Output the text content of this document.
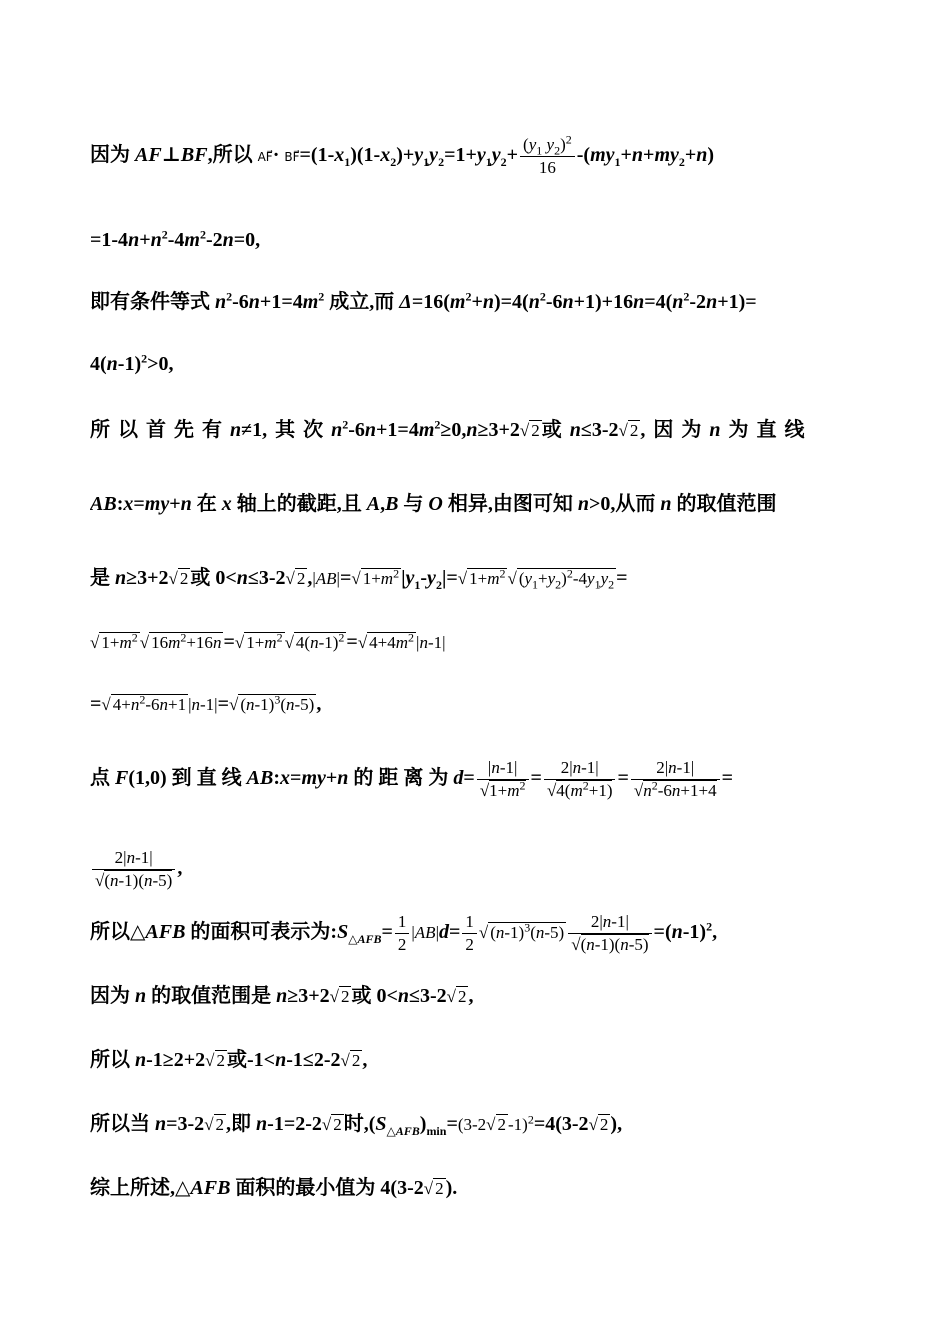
因为 AF⊥BF,所以 AF⃗· $BF⃗=(1-x_1)(1-x_2)+y_1y_2=1+y_1y_2+ \frac{(y_1 y_2)^2}{16} -(my_1+n+my_2+n)$
$=1-4n+n^2-4m^2-2n=0$,
即有条件等式 $n^2-6n+1=4m^2$ 成立,而 $\Delta=16(m^2+n)=4(n^2-6n+1)+16n=4(n^2-2n+1)=$
$4(n-1)^2>0$,
所 以 首 先 有 n≠1, 其 次 $n^2-6n+1=4m^2\ge 0,n\ge 3+2√$ 2 或 n≤3-2√ 2 , 因 为 n 为 直 线
AB:x=my+n 在 x 轴上的截距,且 A,B 与 O 相异,由图可知 n>0,从而 n 的取值范围
是 n≥3+2√ 2 或 0<n≤3-2√ 2 ,|AB|=√ $1+m^2$ $|y_1-y_2|=√$ $1+m^2$ √ $(y_1+y_2)^2-4y_1y_2$ =
√ $1+m^2$ √ $16m^2+16n$ =√ $1+m^2$ √ $4(n-1)^2$ =√ $4+4m^2$ |n-1|
=√ $4+n^2-6n+1$ |n-1|=√ $(n-1)^3(n-5)$ ,
点 F(1,0) 到 直 线 AB:x=my+n 的 距 离 为 $d= \frac{|n-1|}{√1+m^2} = \frac{2|n-1|}{√4(m^2+1)} = \frac{2|n-1|}{√n^2-6n+1+4}$ =
$\frac{2|n-1|}{√(n-1)(n-5)}$ ,
所以△AFB 的面积可表示为$:S_{\triangle AFB}= \frac{1}{2} |AB|d= \frac{1}{2}$ √ $(n-1)^3(n-5) \frac{2|n-1|}{√(n-1)(n-5)} =(n-1)^2$,
因为 n 的取值范围是 n≥3+2√ 2 或 0<n≤3-2√ 2 ,
所以 n-1≥2+2√ 2 或-1<n-1≤2-2√ 2 ,
所以当 n=3-2√ 2 ,即 n-1=2-2√ 2 时$,(S_{\triangle AFB})_{min}=(3-2√$ 2 -1)$^2$=4(3-2√ 2 ),
综上所述,△AFB 面积的最小值为 4(3-2√ 2 ).
